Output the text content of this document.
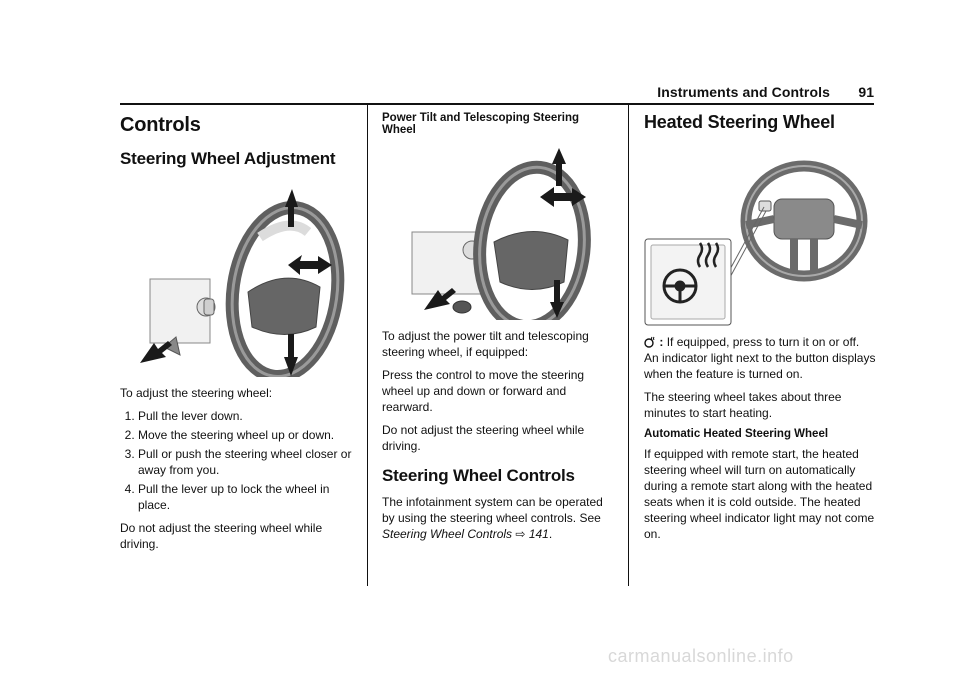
Instruments and Controls 91
Controls
Steering Wheel Adjustment

To adjust the steering wheel:

1. Pull the lever down.
2. Move the steering wheel up or down.
3. Pull or push the steering wheel closer or away from you.
4. Pull the lever up to lock the wheel in place.

Do not adjust the steering wheel while driving.

Power Tilt and Telescoping Steering Wheel

To adjust the power tilt and telescoping steering wheel, if equipped:

Press the control to move the steering wheel up and down or forward and rearward.

Do not adjust the steering wheel while driving.

Steering Wheel Controls

The infotainment system can be operated by using the steering wheel controls. See Steering Wheel Controls ⇨ 141.

Heated Steering Wheel

: If equipped, press to turn it on or off. An indicator light next to the button displays when the feature is turned on.

The steering wheel takes about three minutes to start heating.

Automatic Heated Steering Wheel

If equipped with remote start, the heated steering wheel will turn on automatically during a remote start along with the heated seats when it is cold outside. The heated steering wheel indicator light may not come on.

carmanualsonline.info
